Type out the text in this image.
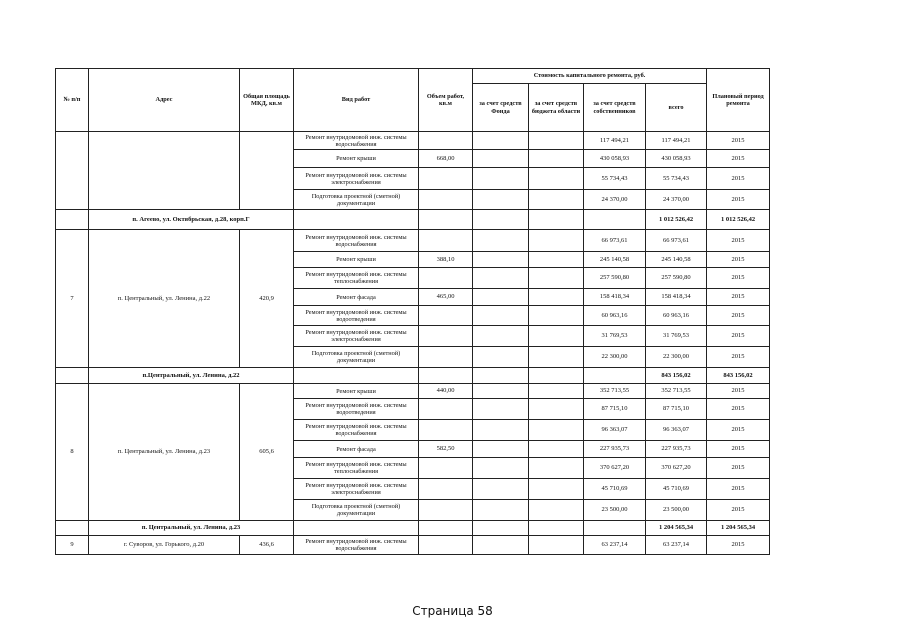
№ п/п	Адрес	Общая площадь МКД, кв.м	Вид работ	Объем работ, кв.м	Стоимость капитального ремонта, руб.				Плановый период ремонта	
					за счет средств Фонда	за счет средств бюджета области	за счет средств собственников	всего		
			Ремонт внутридомовой инж. системы водоснабжения				117 494,21	117 494,21	2015	
			Ремонт крыши	668,00			430 058,93	430 058,93	2015	
			Ремонт внутридомовой инж. системы электроснабжения				55 734,43	55 734,43	2015	
			Подготовка проектной (сметной) документации				24 370,00	24 370,00	2015	
	п. Агеево, ул. Октябрьская, д.28, корп.Г							1 012 526,42	1 012 526,42	
7	п. Центральный, ул. Ленина, д.22	420,9	Ремонт внутридомовой инж. системы водоснабжения				66 973,61	66 973,61	2015	
			Ремонт крыши	388,10			245 140,58	245 140,58	2015	
			Ремонт внутридомовой инж. системы теплоснабжения				257 590,80	257 590,80	2015	
			Ремонт фасада	465,00			158 418,34	158 418,34	2015	
			Ремонт внутридомовой инж. системы водоотведения				60 963,16	60 963,16	2015	
			Ремонт внутридомовой инж. системы электроснабжения				31 769,53	31 769,53	2015	
			Подготовка проектной (сметной) документации				22 300,00	22 300,00	2015	
	п.Центральный, ул. Ленина, д.22							843 156,02	843 156,02	
8	п. Центральный, ул. Ленина, д.23	605,6	Ремонт крыши	440,00			352 713,55	352 713,55	2015	
			Ремонт внутридомовой инж. системы водоотведения				87 715,10	87 715,10	2015	
			Ремонт внутридомовой инж. системы водоснабжения				96 363,07	96 363,07	2015	
			Ремонт фасада	582,50			227 935,73	227 935,73	2015	
			Ремонт внутридомовой инж. системы теплоснабжения				370 627,20	370 627,20	2015	
			Ремонт внутридомовой инж. системы электроснабжения				45 710,69	45 710,69	2015	
			Подготовка проектной (сметной) документации				23 500,00	23 500,00	2015	
	п. Центральный, ул. Ленина, д.23							1 204 565,34	1 204 565,34	
9	г. Суворов, ул. Горького, д.20	436,6	Ремонт внутридомовой инж. системы водоснабжения				63 237,14	63 237,14	2015	
Страница 58
